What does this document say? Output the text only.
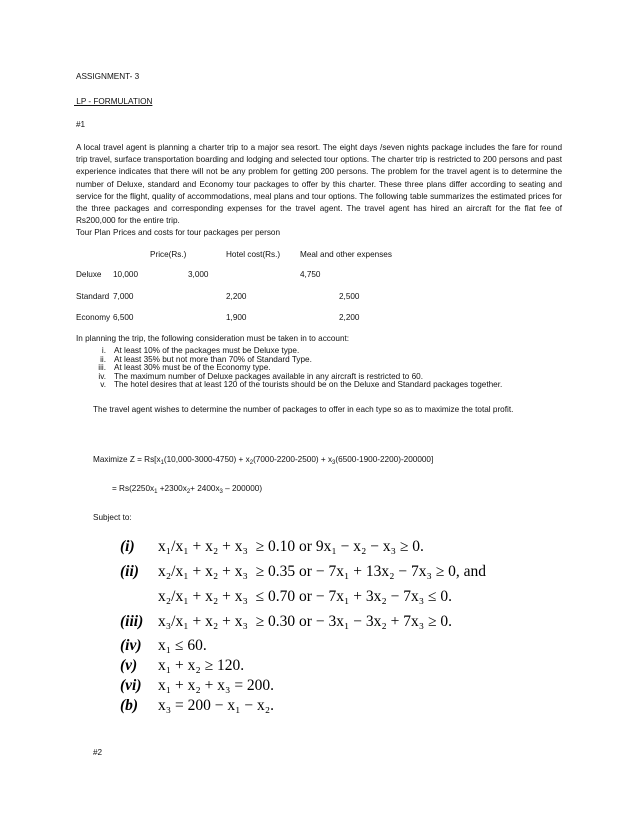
ASSIGNMENT- 3
LP - FORMULATION
#1
A local travel agent is planning a charter trip to a major sea resort. The eight days /seven nights package includes the fare for round trip travel, surface transportation boarding and lodging and selected tour options. The charter trip is restricted to 200 persons and past experience indicates that there will not be any problem for getting 200 persons. The problem for the travel agent is to determine the number of Deluxe, standard and Economy tour packages to offer by this charter. These three plans differ according to seating and service for the flight, quality of accommodations, meal plans and tour options. The following table summarizes the estimated prices for the three packages and corresponding expenses for the travel agent. The travel agent has hired an aircraft for the flat fee of Rs200,000 for the entire trip.
Tour Plan Prices and costs for tour packages per person
Price(Rs.)	Hotel cost(Rs.) Meal and other expenses
Deluxe 10,000	3,000	4,750
Standard 7,000	2,200	2,500
Economy 6,500	1,900	2,200
In planning the trip, the following consideration must be taken in to account:
i. At least 10% of the packages must be Deluxe type.
ii. At least 35% but not more than 70% of Standard Type.
iii. At least 30% must be of the Economy type.
iv. The maximum number of Deluxe packages available in any aircraft is restricted to 60.
v. The hotel desires that at least 120 of the tourists should be on the Deluxe and Standard packages together.
The travel agent wishes to determine the number of packages to offer in each type so as to maximize the total profit.
Maximize $Z = Rs[x_1(10,000-3000-4750) + x_2(7000-2200-2500) + x_3(6500-1900-2200)-200000]$
= $Rs(2250x_1 +2300x_2+ 2400x_3 - 200000)$
Subject to:
(i) x₁/x₁ + x₂ + x₃ ≥ 0.10 or 9x₁ − x₂ − x₃ ≥ 0.
(ii) x₂/x₁ + x₂ + x₃ ≥ 0.35 or − 7x₁ + 13x₂ − 7x₃ ≥ 0, and
x₂/x₁ + x₂ + x₃ ≤ 0.70 or − 7x₁ + 3x₂ − 7x₃ ≤ 0.
(iii) x₃/x₁ + x₂ + x₃ ≥ 0.30 or − 3x₁ − 3x₂ + 7x₃ ≥ 0.
(iv) x₁ ≤ 60.
(v) x₁ + x₂ ≥ 120.
(vi) x₁ + x₂ + x₃ = 200.
(b) x₃ = 200 − x₁ − x₂.
#2
